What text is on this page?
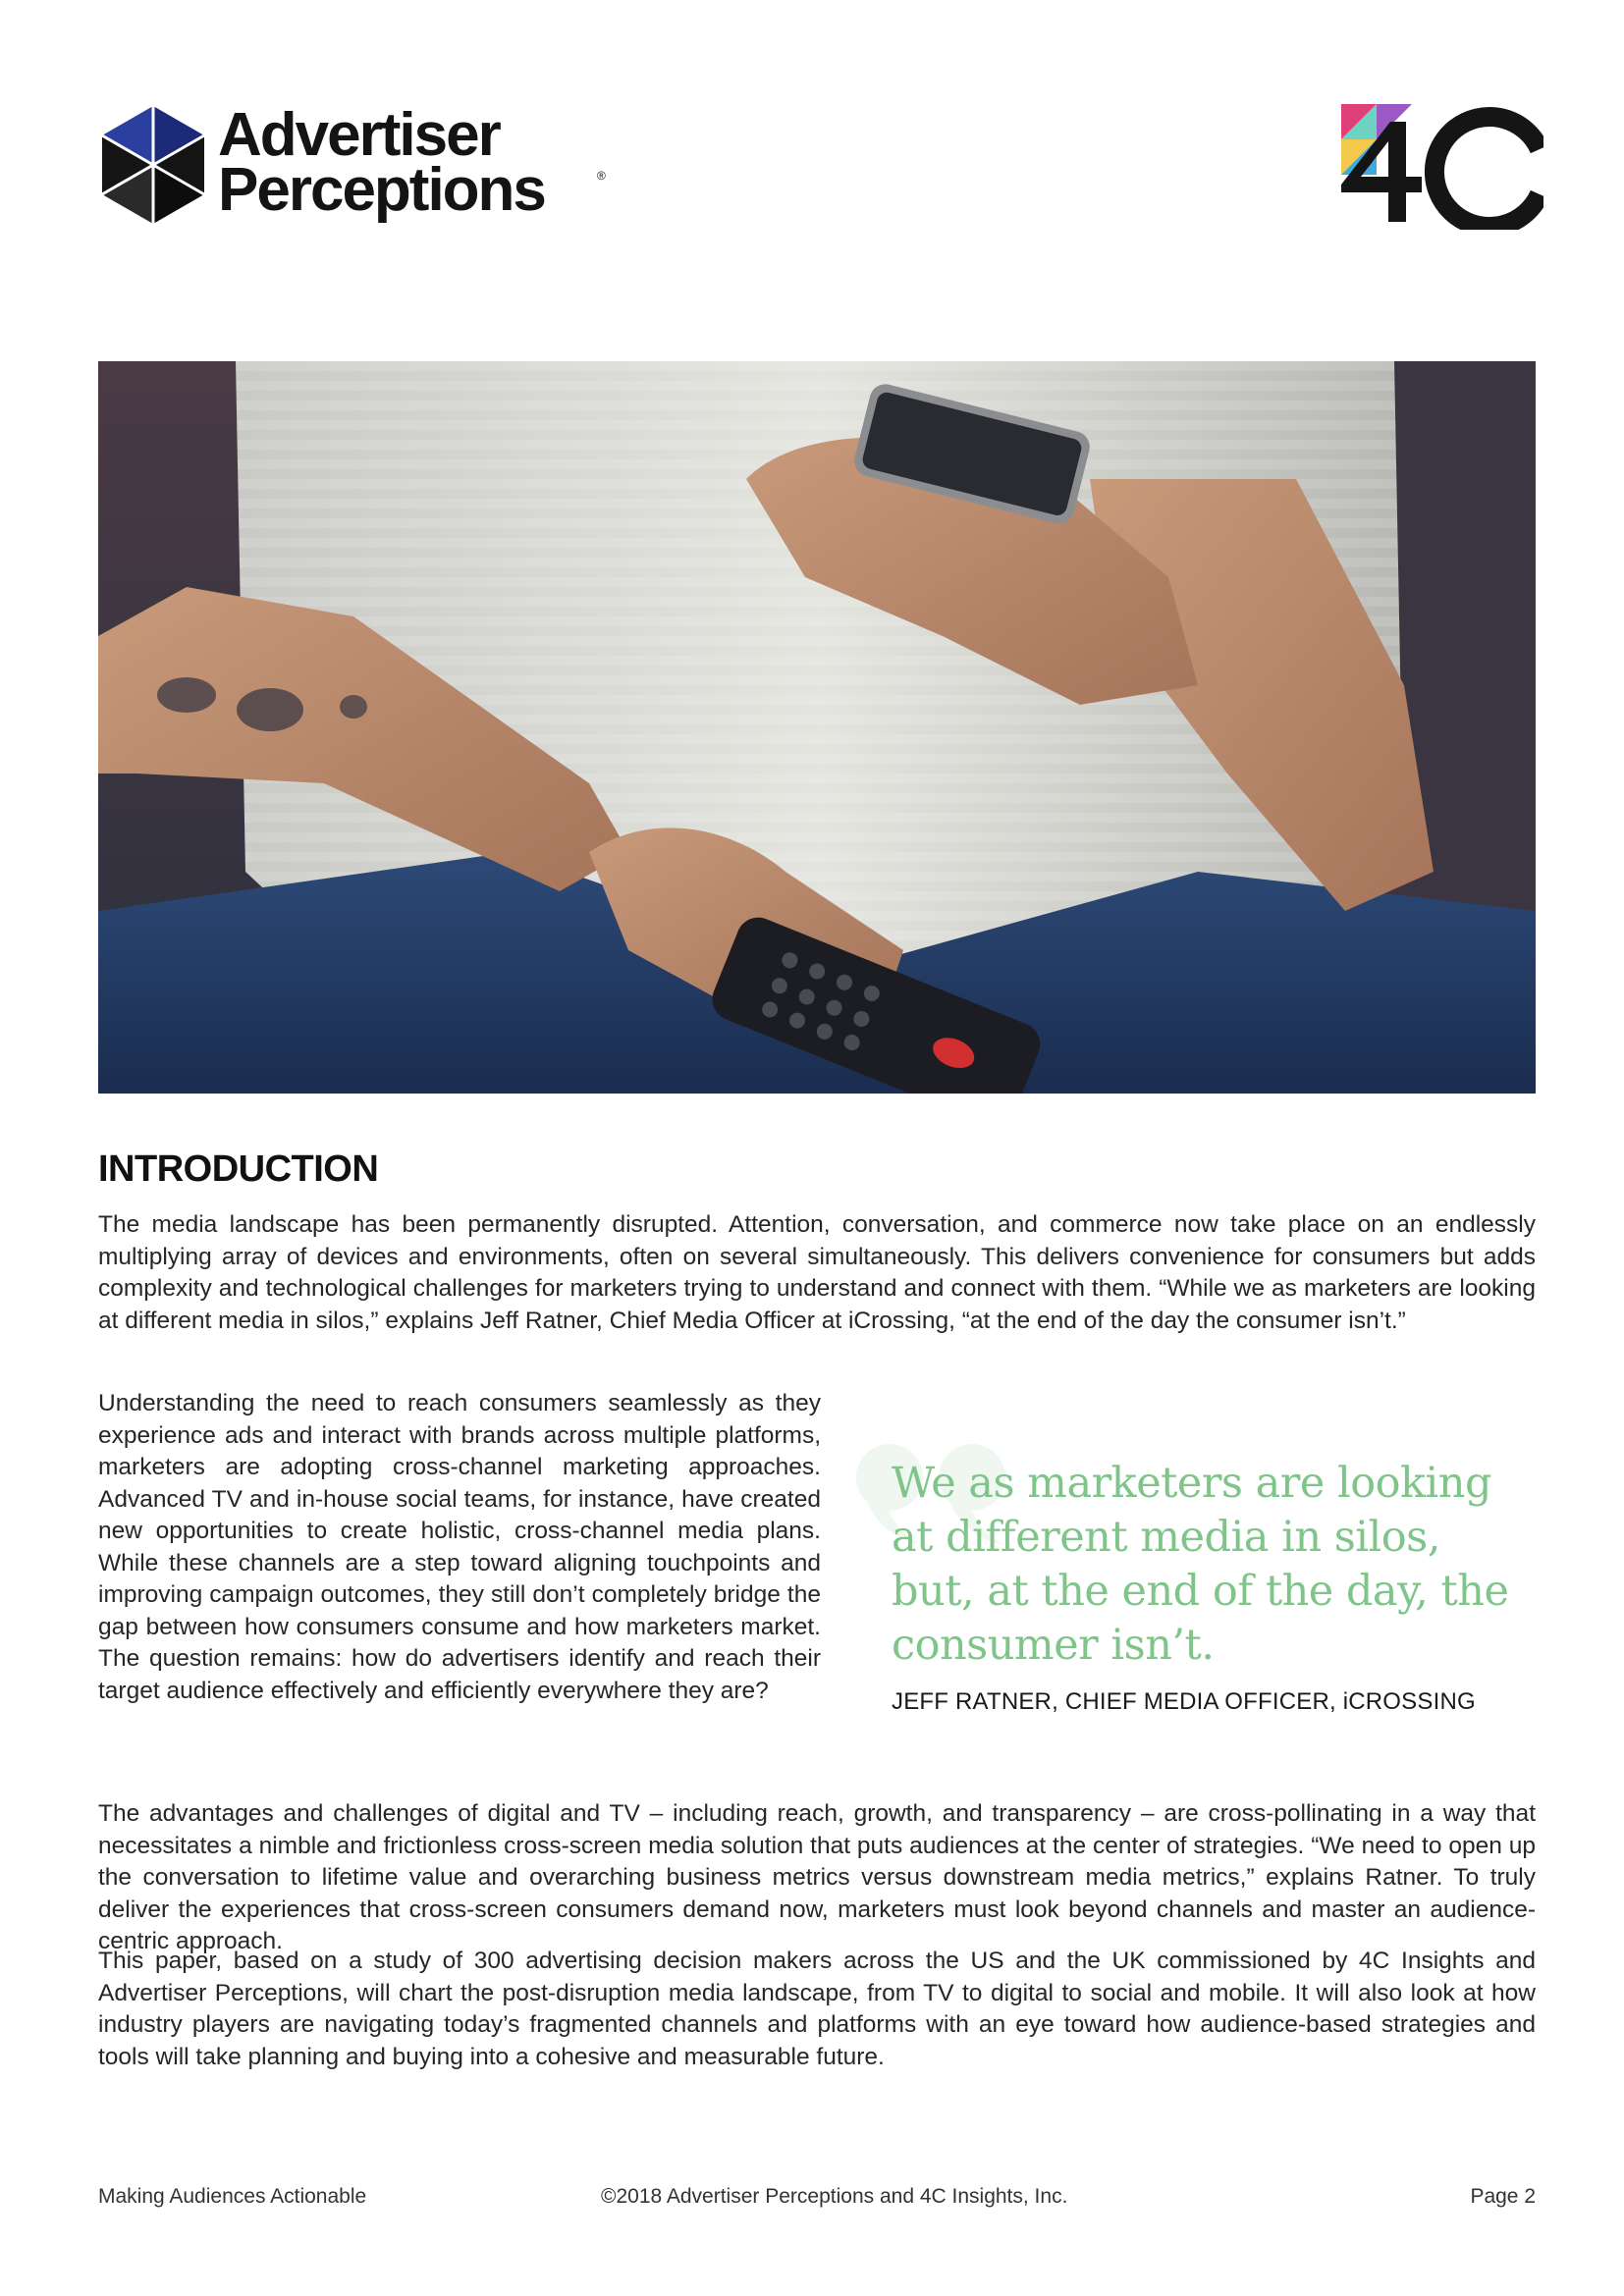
Advertiser
Perceptions	®
INTRODUCTION

The media landscape has been permanently disrupted. Attention, conversation, and commerce now take place on an endlessly multiplying array of devices and environments, often on several simultaneously. This delivers convenience for consumers but adds complexity and technological challenges for marketers trying to understand and connect with them. “While we as marketers are looking at different media in silos,” explains Jeff Ratner, Chief Media Officer at iCrossing, “at the end of the day the consumer isn’t.”

Understanding the need to reach consumers seamlessly as they experience ads and interact with brands across multiple platforms, marketers are adopting cross-channel marketing approaches. Advanced TV and in-house social teams, for instance, have created new opportunities to create holistic, cross-channel media plans. While these channels are a step toward aligning touchpoints and improving campaign outcomes, they still don’t completely bridge the gap between how consumers consume and how marketers market. The question remains: how do advertisers identify and reach their target audience effectively and efficiently everywhere they are?

We as marketers are looking at different media in silos, but, at the end of the day, the consumer isn’t.

JEFF RATNER, CHIEF MEDIA OFFICER, iCROSSING

The advantages and challenges of digital and TV – including reach, growth, and transparency – are cross-pollinating in a way that necessitates a nimble and frictionless cross-screen media solution that puts audiences at the center of strategies. “We need to open up the conversation to lifetime value and overarching business metrics versus downstream media metrics,” explains Ratner. To truly deliver the experiences that cross-screen consumers demand now, marketers must look beyond channels and master an audience-centric approach.

This paper, based on a study of 300 advertising decision makers across the US and the UK commissioned by 4C Insights and Advertiser Perceptions, will chart the post-disruption media landscape, from TV to digital to social and mobile. It will also look at how industry players are navigating today’s fragmented channels and platforms with an eye toward how audience-based strategies and tools will take planning and buying into a cohesive and measurable future.

Making Audiences Actionable	©2018 Advertiser Perceptions and 4C Insights, Inc.	Page 2
